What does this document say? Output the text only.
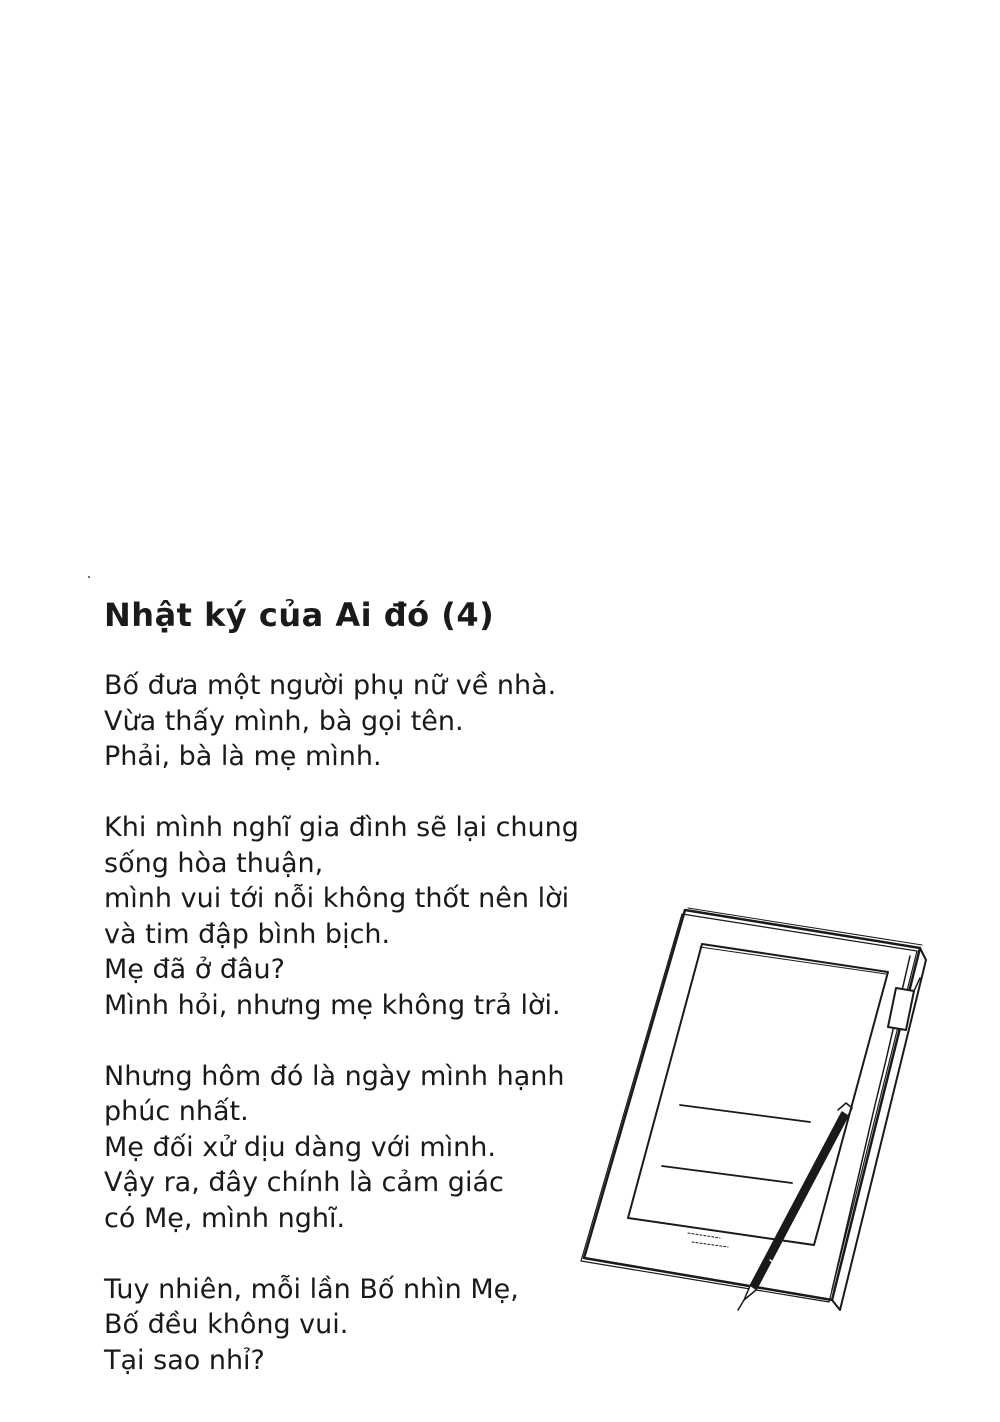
Nhật ký của Ai đó (4)

Bố đưa một người phụ nữ về nhà.
Vừa thấy mình, bà gọi tên.
Phải, bà là mẹ mình.

Khi mình nghĩ gia đình sẽ lại chung
sống hòa thuận,
mình vui tới nỗi không thốt nên lời
và tim đập bình bịch.
Mẹ đã ở đâu?
Mình hỏi, nhưng mẹ không trả lời.

Nhưng hôm đó là ngày mình hạnh
phúc nhất.
Mẹ đối xử dịu dàng với mình.
Vậy ra, đây chính là cảm giác
có Mẹ, mình nghĩ.

Tuy nhiên, mỗi lần Bố nhìn Mẹ,
Bố đều không vui.
Tại sao nhỉ?
